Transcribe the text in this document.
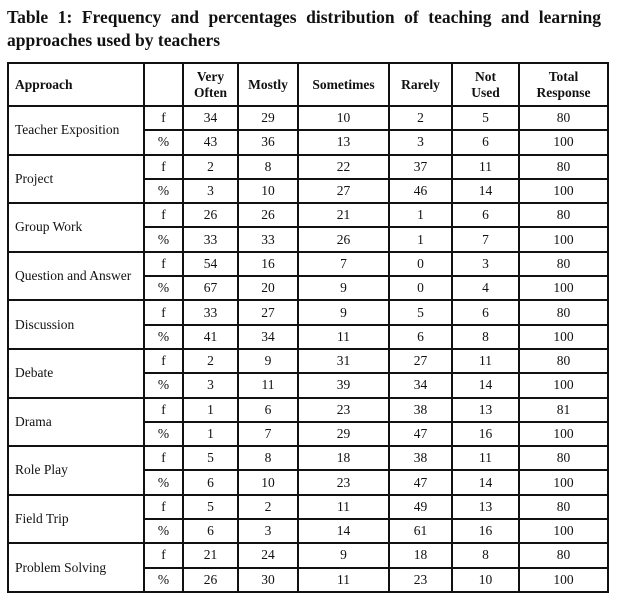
Table 1: Frequency and percentages distribution of teaching and learning approaches used by teachers
Approach		Very Often	Mostly	Sometimes	Rarely	Not Used	Total Response
Teacher Exposition	f	34	29	10	2	5	80
	%	43	36	13	3	6	100
Project	f	2	8	22	37	11	80
	%	3	10	27	46	14	100
Group Work	f	26	26	21	1	6	80
	%	33	33	26	1	7	100
Question and Answer	f	54	16	7	0	3	80
	%	67	20	9	0	4	100
Discussion	f	33	27	9	5	6	80
	%	41	34	11	6	8	100
Debate	f	2	9	31	27	11	80
	%	3	11	39	34	14	100
Drama	f	1	6	23	38	13	81
	%	1	7	29	47	16	100
Role Play	f	5	8	18	38	11	80
	%	6	10	23	47	14	100
Field Trip	f	5	2	11	49	13	80
	%	6	3	14	61	16	100
Problem Solving	f	21	24	9	18	8	80
	%	26	30	11	23	10	100
